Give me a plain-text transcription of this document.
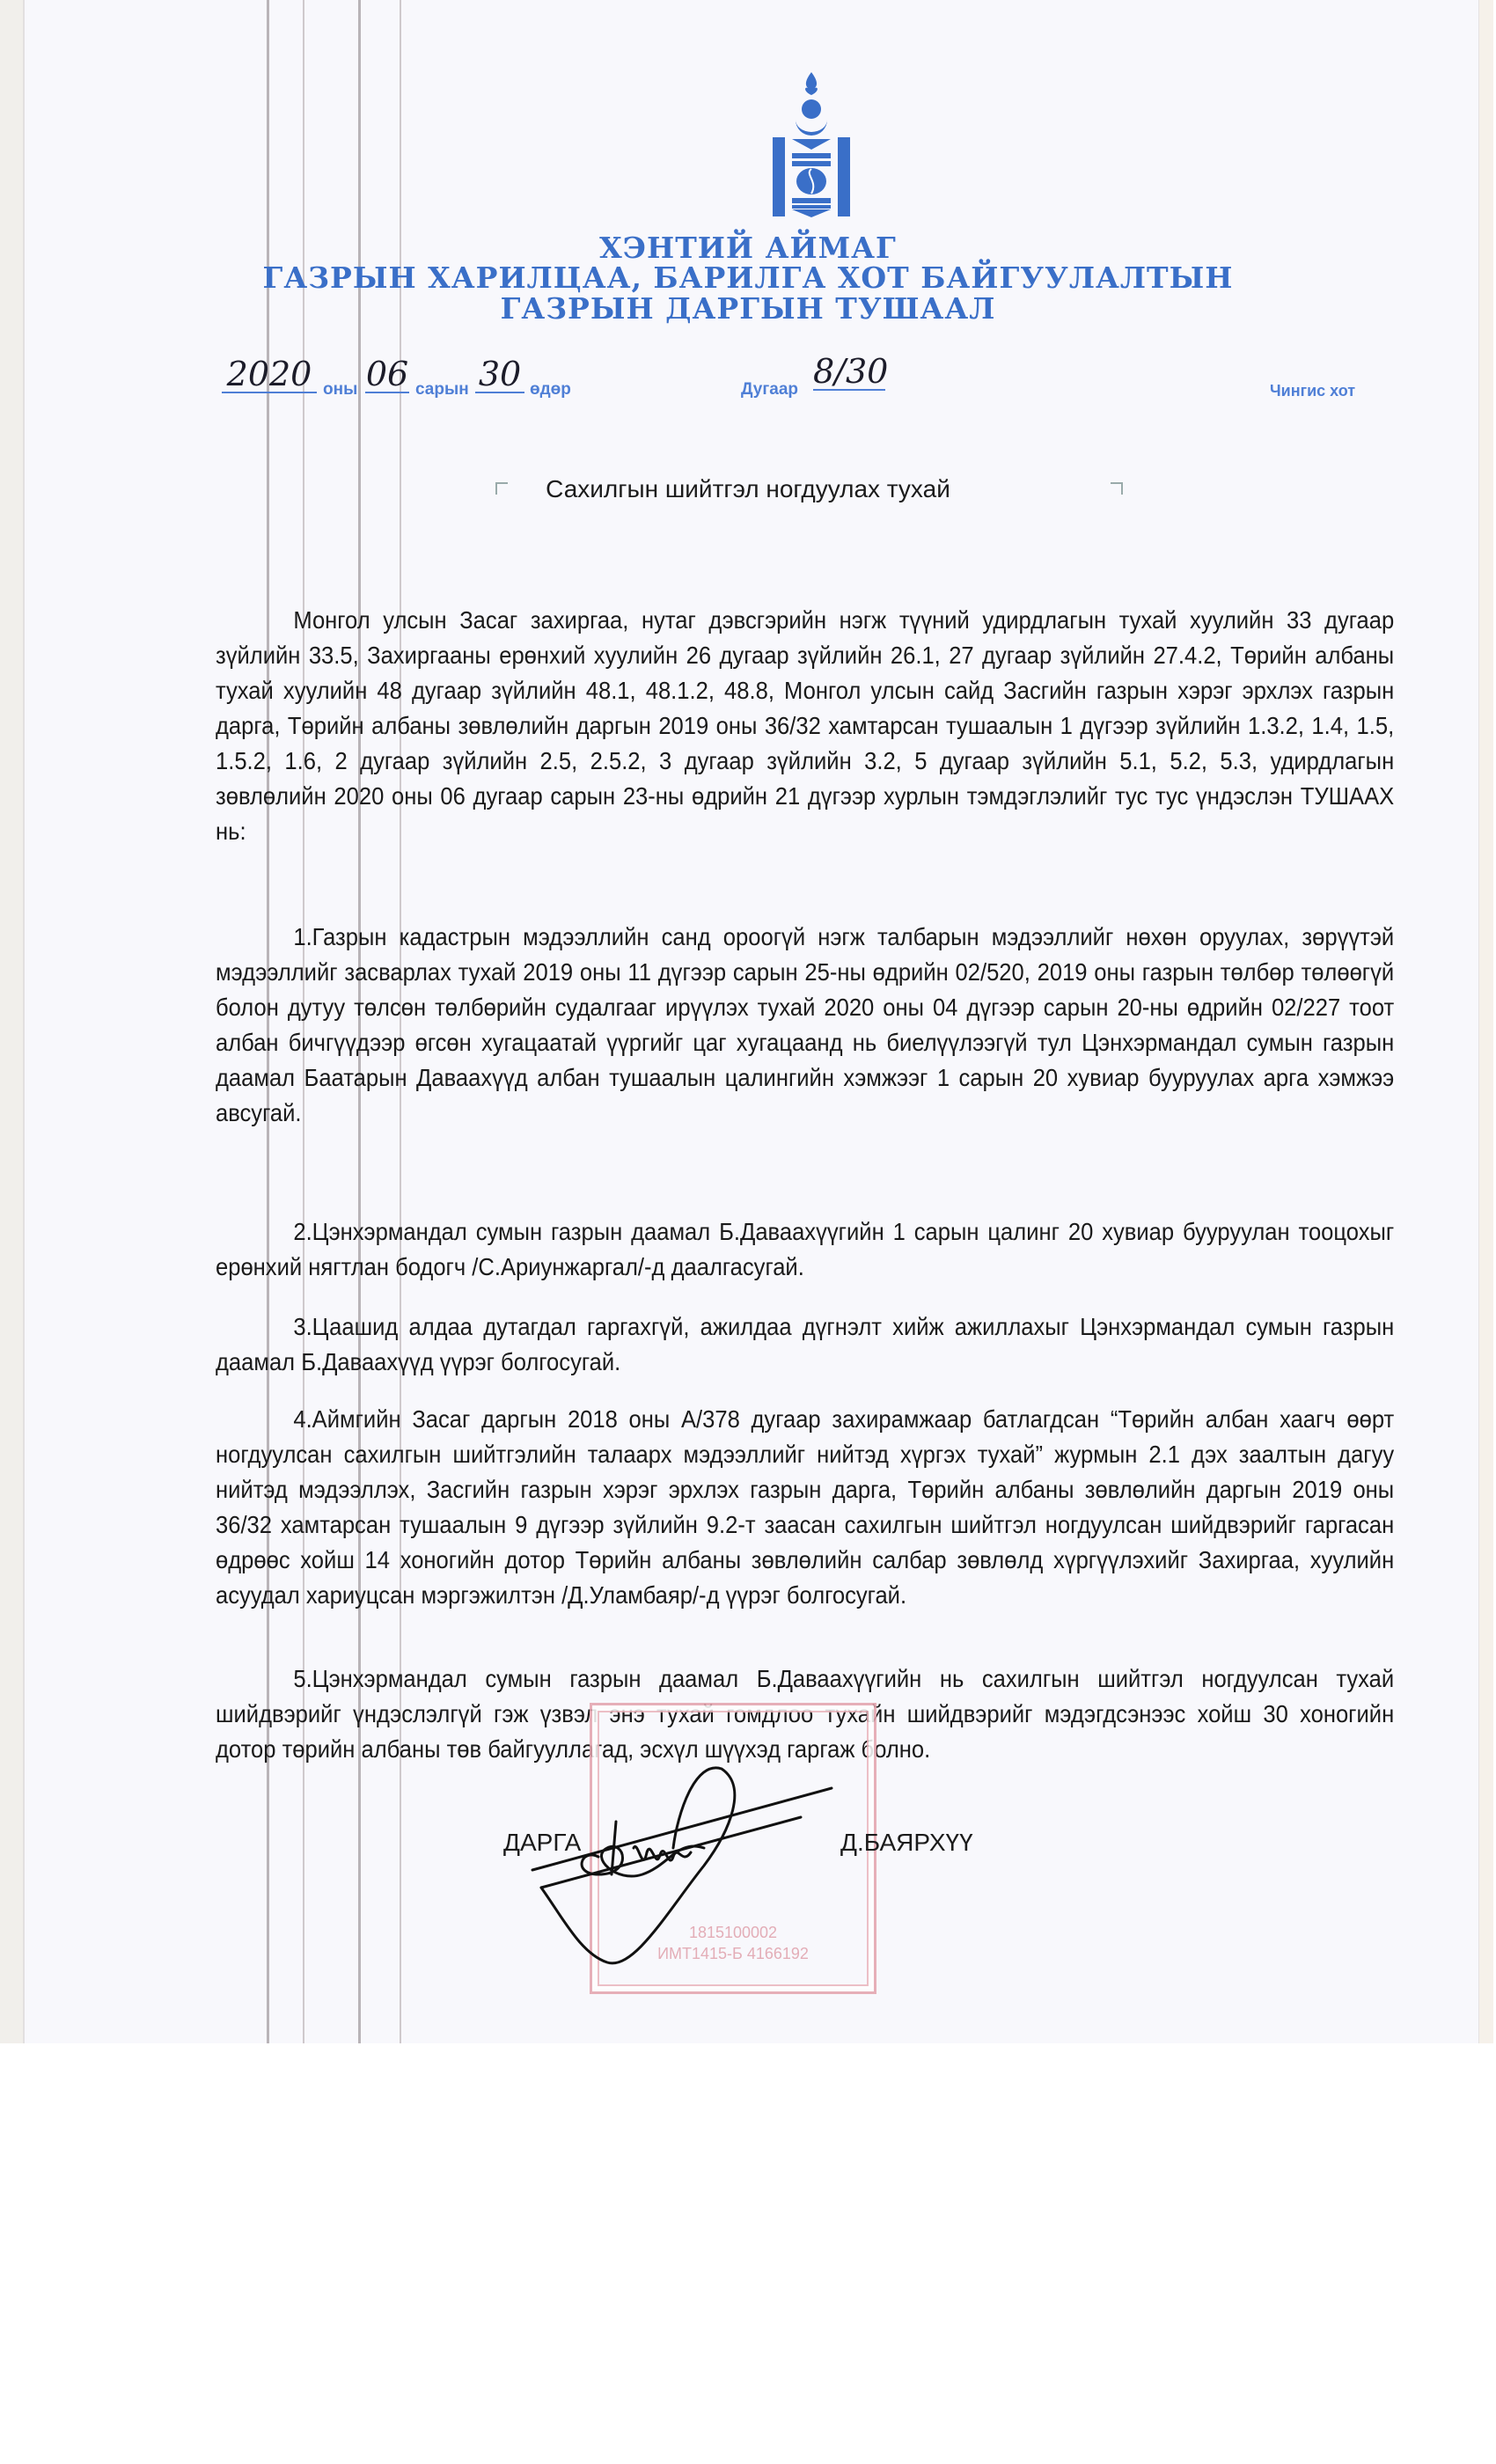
ХЭНТИЙ АЙМАГ
ГАЗРЫН ХАРИЛЦАА, БАРИЛГА ХОТ БАЙГУУЛАЛТЫН
ГАЗРЫН ДАРГЫН ТУШААЛ
2020 оны 06 сарын 30 өдөр	Дугаар 8/30	Чингис хот
Сахилгын шийтгэл ногдуулах тухай

Монгол улсын Засаг захиргаа, нутаг дэвсгэрийн нэгж түүний удирдлагын тухай хуулийн 33 дугаар зүйлийн 33.5, Захиргааны ерөнхий хуулийн 26 дугаар зүйлийн 26.1, 27 дугаар зүйлийн 27.4.2, Төрийн албаны тухай хуулийн 48 дугаар зүйлийн 48.1, 48.1.2, 48.8, Монгол улсын сайд Засгийн газрын хэрэг эрхлэх газрын дарга, Төрийн албаны зөвлөлийн даргын 2019 оны 36/32 хамтарсан тушаалын 1 дүгээр зүйлийн 1.3.2, 1.4, 1.5, 1.5.2, 1.6, 2 дугаар зүйлийн 2.5, 2.5.2, 3 дугаар зүйлийн 3.2, 5 дугаар зүйлийн 5.1, 5.2, 5.3, удирдлагын зөвлөлийн 2020 оны 06 дугаар сарын 23-ны өдрийн 21 дүгээр хурлын тэмдэглэлийг тус тус үндэслэн ТУШААХ нь:

1.Газрын кадастрын мэдээллийн санд ороогүй нэгж талбарын мэдээллийг нөхөн оруулах, зөрүүтэй мэдээллийг засварлах тухай 2019 оны 11 дүгээр сарын 25-ны өдрийн 02/520, 2019 оны газрын төлбөр төлөөгүй болон дутуу төлсөн төлбөрийн судалгааг ирүүлэх тухай 2020 оны 04 дүгээр сарын 20-ны өдрийн 02/227 тоот албан бичгүүдээр өгсөн хугацаатай үүргийг цаг хугацаанд нь биелүүлээгүй тул Цэнхэрмандал сумын газрын даамал Баатарын Даваахүүд албан тушаалын цалингийн хэмжээг 1 сарын 20 хувиар бууруулах арга хэмжээ авсугай.

2.Цэнхэрмандал сумын газрын даамал Б.Даваахүүгийн 1 сарын цалинг 20 хувиар бууруулан тооцохыг ерөнхий нягтлан бодогч /С.Ариунжаргал/-д даалгасугай.

3.Цаашид алдаа дутагдал гаргахгүй, ажилдаа дүгнэлт хийж ажиллахыг Цэнхэрмандал сумын газрын даамал Б.Даваахүүд үүрэг болгосугай.

4.Аймгийн Засаг даргын 2018 оны А/378 дугаар захирамжаар батлагдсан “Төрийн албан хаагч өөрт ногдуулсан сахилгын шийтгэлийн талаарх мэдээллийг нийтэд хүргэх тухай” журмын 2.1 дэх заалтын дагуу нийтэд мэдээллэх, Засгийн газрын хэрэг эрхлэх газрын дарга, Төрийн албаны зөвлөлийн даргын 2019 оны 36/32 хамтарсан тушаалын 9 дүгээр зүйлийн 9.2-т заасан сахилгын шийтгэл ногдуулсан шийдвэрийг гаргасан өдрөөс хойш 14 хоногийн дотор Төрийн албаны зөвлөлийн салбар зөвлөлд хүргүүлэхийг Захиргаа, хуулийн асуудал хариуцсан мэргэжилтэн /Д.Уламбаяр/-д үүрэг болгосугай.

5.Цэнхэрмандал сумын газрын даамал Б.Даваахүүгийн нь сахилгын шийтгэл ногдуулсан тухай шийдвэрийг үндэслэлгүй гэж үзвэл энэ тухай гомдлоо тухайн шийдвэрийг мэдэгдсэнээс хойш 30 хоногийн дотор төрийн албаны төв байгууллагад, эсхүл шүүхэд гаргаж болно.

1815100002
ИМТ1415-Б 4166192
ДАРГА	Д.БАЯРХҮҮ
